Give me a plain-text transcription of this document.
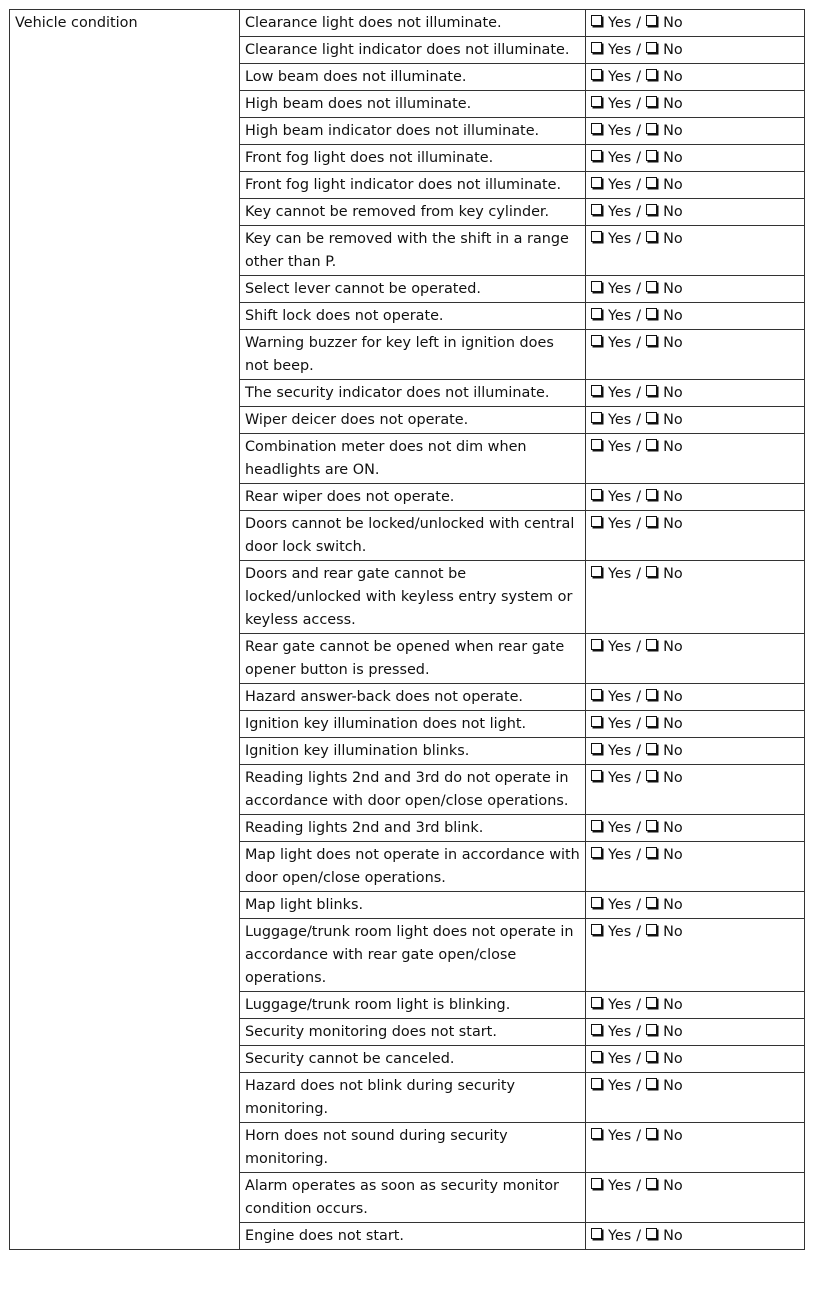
Vehicle condition	Clearance light does not illuminate.	Yes / No
	Clearance light indicator does not illuminate.	Yes / No
	Low beam does not illuminate.	Yes / No
	High beam does not illuminate.	Yes / No
	High beam indicator does not illuminate.	Yes / No
	Front fog light does not illuminate.	Yes / No
	Front fog light indicator does not illuminate.	Yes / No
	Key cannot be removed from key cylinder.	Yes / No
	Key can be removed with the shift in a range other than P.	Yes / No
	Select lever cannot be operated.	Yes / No
	Shift lock does not operate.	Yes / No
	Warning buzzer for key left in ignition does not beep.	Yes / No
	The security indicator does not illuminate.	Yes / No
	Wiper deicer does not operate.	Yes / No
	Combination meter does not dim when headlights are ON.	Yes / No
	Rear wiper does not operate.	Yes / No
	Doors cannot be locked/unlocked with central door lock switch.	Yes / No
	Doors and rear gate cannot be locked/unlocked with keyless entry system or keyless access.	Yes / No
	Rear gate cannot be opened when rear gate opener button is pressed.	Yes / No
	Hazard answer-back does not operate.	Yes / No
	Ignition key illumination does not light.	Yes / No
	Ignition key illumination blinks.	Yes / No
	Reading lights 2nd and 3rd do not operate in accordance with door open/close operations.	Yes / No
	Reading lights 2nd and 3rd blink.	Yes / No
	Map light does not operate in accordance with door open/close operations.	Yes / No
	Map light blinks.	Yes / No
	Luggage/trunk room light does not operate in accordance with rear gate open/close operations.	Yes / No
	Luggage/trunk room light is blinking.	Yes / No
	Security monitoring does not start.	Yes / No
	Security cannot be canceled.	Yes / No
	Hazard does not blink during security monitoring.	Yes / No
	Horn does not sound during security monitoring.	Yes / No
	Alarm operates as soon as security monitor condition occurs.	Yes / No
	Engine does not start.	Yes / No
